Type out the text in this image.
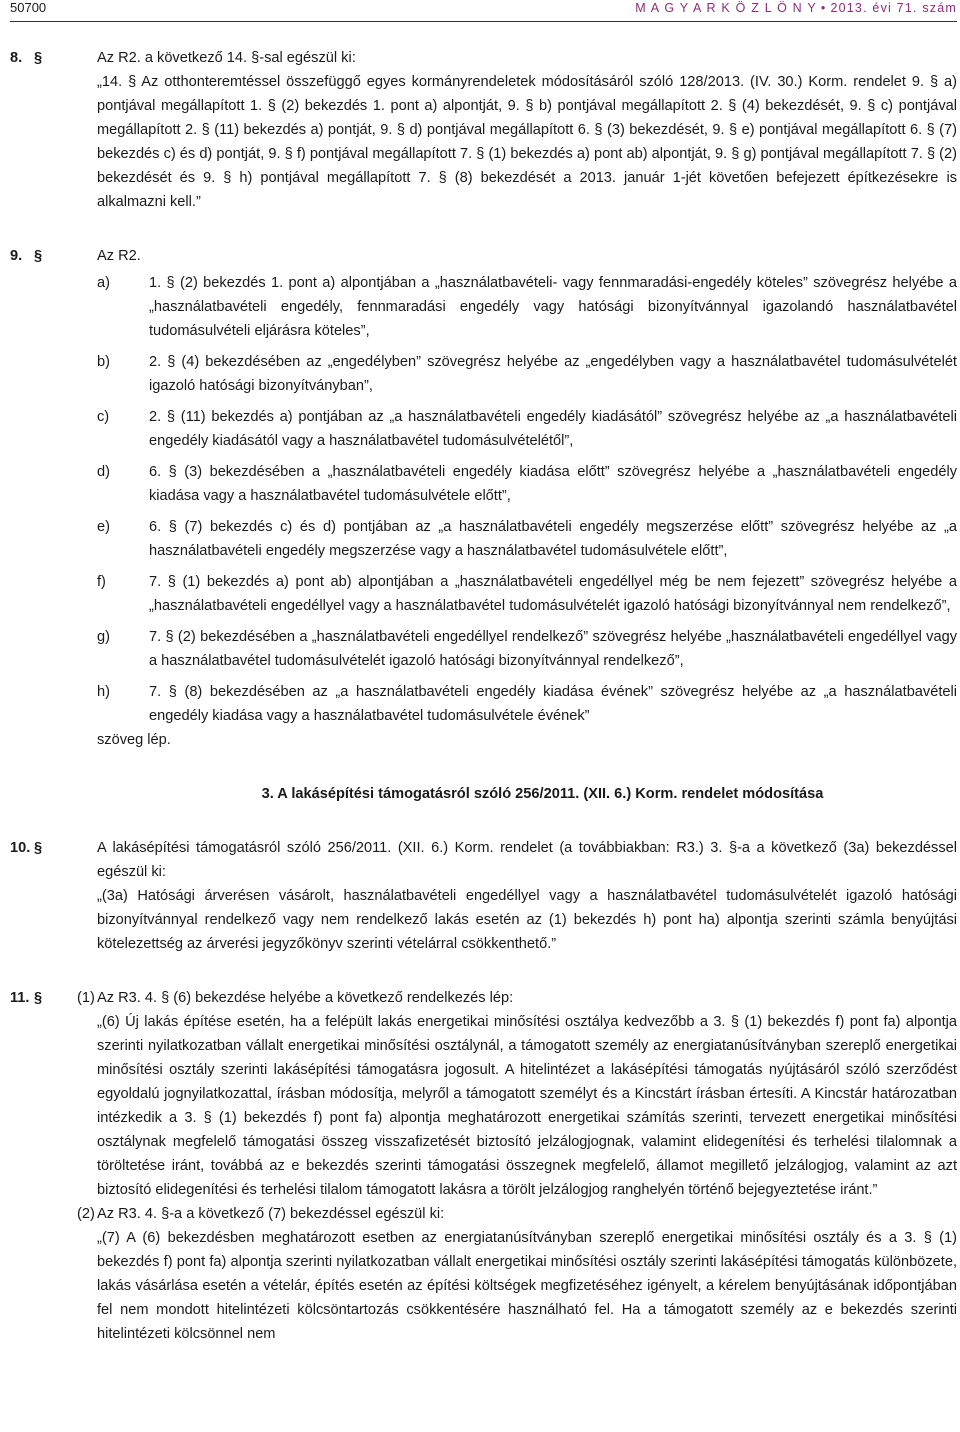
50700	M A G Y A R K Ö Z L Ö N Y • 2013. évi 71. szám
8. §	Az R2. a következő 14. §-sal egészül ki:

„14. § Az otthonteremtéssel összefüggő egyes kormányrendeletek módosításáról szóló 128/2013. (IV. 30.) Korm. rendelet 9. § a) pontjával megállapított 1. § (2) bekezdés 1. pont a) alpontját, 9. § b) pontjával megállapított 2. § (4) bekezdését, 9. § c) pontjával megállapított 2. § (11) bekezdés a) pontját, 9. § d) pontjával megállapított 6. § (3) bekezdését, 9. § e) pontjával megállapított 6. § (7) bekezdés c) és d) pontját, 9. § f) pontjával megállapított 7. § (1) bekezdés a) pont ab) alpontját, 9. § g) pontjával megállapított 7. § (2) bekezdését és 9. § h) pontjával megállapított 7. § (8) bekezdését a 2013. január 1-jét követően befejezett építkezésekre is alkalmazni kell.”

9. §	Az R2.

a)	1. § (2) bekezdés 1. pont a) alpontjában a „használatbavételi- vagy fennmaradási-engedély köteles” szövegrész helyébe a „használatbavételi engedély, fennmaradási engedély vagy hatósági bizonyítvánnyal igazolandó használatbavétel tudomásulvételi eljárásra köteles”,

b)	2. § (4) bekezdésében az „engedélyben” szövegrész helyébe az „engedélyben vagy a használatbavétel tudomásulvételét igazoló hatósági bizonyítványban”,

c)	2. § (11) bekezdés a) pontjában az „a használatbavételi engedély kiadásától” szövegrész helyébe az „a használatbavételi engedély kiadásától vagy a használatbavétel tudomásulvételétől”,

d)	6. § (3) bekezdésében a „használatbavételi engedély kiadása előtt” szövegrész helyébe a „használatbavételi engedély kiadása vagy a használatbavétel tudomásulvétele előtt”,

e)	6. § (7) bekezdés c) és d) pontjában az „a használatbavételi engedély megszerzése előtt” szövegrész helyébe az „a használatbavételi engedély megszerzése vagy a használatbavétel tudomásulvétele előtt”,

f)	7. § (1) bekezdés a) pont ab) alpontjában a „használatbavételi engedéllyel még be nem fejezett” szövegrész helyébe a „használatbavételi engedéllyel vagy a használatbavétel tudomásulvételét igazoló hatósági bizonyítvánnyal nem rendelkező”,

g)	7. § (2) bekezdésében a „használatbavételi engedéllyel rendelkező” szövegrész helyébe „használatbavételi engedéllyel vagy a használatbavétel tudomásulvételét igazoló hatósági bizonyítvánnyal rendelkező”,

h)	7. § (8) bekezdésében az „a használatbavételi engedély kiadása évének” szövegrész helyébe az „a használatbavételi engedély kiadása vagy a használatbavétel tudomásulvétele évének”

szöveg lép.

3. A lakásépítési támogatásról szóló 256/2011. (XII. 6.) Korm. rendelet módosítása

10. §	A lakásépítési támogatásról szóló 256/2011. (XII. 6.) Korm. rendelet (a továbbiakban: R3.) 3. §-a a következő (3a) bekezdéssel egészül ki:

„(3a) Hatósági árverésen vásárolt, használatbavételi engedéllyel vagy a használatbavétel tudomásulvételét igazoló hatósági bizonyítvánnyal rendelkező vagy nem rendelkező lakás esetén az (1) bekezdés h) pont ha) alpontja szerinti számla benyújtási kötelezettség az árverési jegyzőkönyv szerinti vételárral csökkenthető.”

11. § (1) Az R3. 4. § (6) bekezdése helyébe a következő rendelkezés lép:

„(6) Új lakás építése esetén, ha a felépült lakás energetikai minősítési osztálya kedvezőbb a 3. § (1) bekezdés f) pont fa) alpontja szerinti nyilatkozatban vállalt energetikai minősítési osztálynál, a támogatott személy az energiatanúsítványban szereplő energetikai minősítési osztály szerinti lakásépítési támogatásra jogosult. A hitelintézet a lakásépítési támogatás nyújtásáról szóló szerződést egyoldalú jognyilatkozattal, írásban módosítja, melyről a támogatott személyt és a Kincstárt írásban értesíti. A Kincstár határozatban intézkedik a 3. § (1) bekezdés f) pont fa) alpontja meghatározott energetikai számítás szerinti, tervezett energetikai minősítési osztálynak megfelelő támogatási összeg visszafizetését biztosító jelzálogjognak, valamint elidegenítési és terhelési tilalomnak a töröltetése iránt, továbbá az e bekezdés szerinti támogatási összegnek megfelelő, államot megillető jelzálogjog, valamint az azt biztosító elidegenítési és terhelési tilalom támogatott lakásra a törölt jelzálogjog ranghelyén történő bejegyeztetése iránt.”

(2) Az R3. 4. §-a a következő (7) bekezdéssel egészül ki:

„(7) A (6) bekezdésben meghatározott esetben az energiatanúsítványban szereplő energetikai minősítési osztály és a 3. § (1) bekezdés f) pont fa) alpontja szerinti nyilatkozatban vállalt energetikai minősítési osztály szerinti lakásépítési támogatás különbözete, lakás vásárlása esetén a vételár, építés esetén az építési költségek megfizetéséhez igényelt, a kérelem benyújtásának időpontjában fel nem mondott hitelintézeti kölcsöntartozás csökkentésére használható fel. Ha a támogatott személy az e bekezdés szerinti hitelintézeti kölcsönnel nem
